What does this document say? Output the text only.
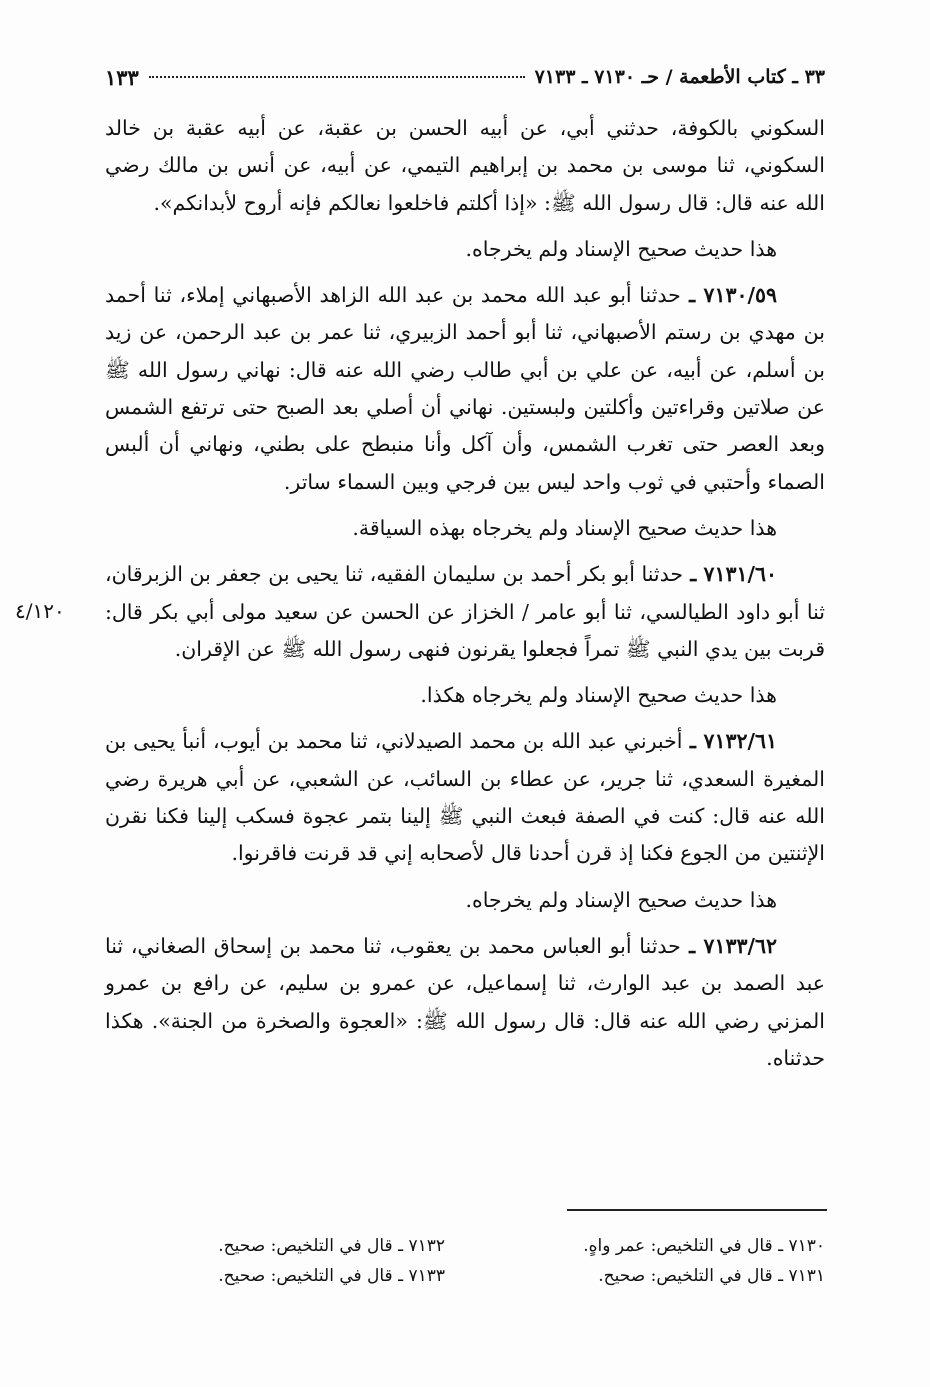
٣٣ ـ كتاب الأطعمة / حـ ٧١٣٠ ـ ٧١٣٣
١٣٣

السكوني بالكوفة، حدثني أبي، عن أبيه الحسن بن عقبة، عن أبيه عقبة بن خالد السكوني، ثنا موسى بن محمد بن إبراهيم التيمي، عن أبيه، عن أنس بن مالك رضي الله عنه قال: قال رسول الله ﷺ: «إذا أكلتم فاخلعوا نعالكم فإنه أروح لأبدانكم».

هذا حديث صحيح الإسناد ولم يخرجاه.

٧١٣٠/٥٩ ـ حدثنا أبو عبد الله محمد بن عبد الله الزاهد الأصبهاني إملاء، ثنا أحمد بن مهدي بن رستم الأصبهاني، ثنا أبو أحمد الزبيري، ثنا عمر بن عبد الرحمن، عن زيد بن أسلم، عن أبيه، عن علي بن أبي طالب رضي الله عنه قال: نهاني رسول الله ﷺ عن صلاتين وقراءتين وأكلتين ولبستين. نهاني أن أصلي بعد الصبح حتى ترتفع الشمس وبعد العصر حتى تغرب الشمس، وأن آكل وأنا منبطح على بطني، ونهاني أن ألبس الصماء وأحتبي في ثوب واحد ليس بين فرجي وبين السماء ساتر.

هذا حديث صحيح الإسناد ولم يخرجاه بهذه السياقة.

٧١٣١/٦٠ ـ حدثنا أبو بكر أحمد بن سليمان الفقيه، ثنا يحيى بن جعفر بن الزبرقان، ثنا أبو داود الطيالسي، ثنا أبو عامر / الخزاز عن الحسن عن سعيد مولى أبي بكر قال: قربت بين يدي النبي ﷺ تمراً فجعلوا يقرنون فنهى رسول الله ﷺ عن الإقران.
٤/١٢٠

هذا حديث صحيح الإسناد ولم يخرجاه هكذا.

٧١٣٢/٦١ ـ أخبرني عبد الله بن محمد الصيدلاني، ثنا محمد بن أيوب، أنبأ يحيى بن المغيرة السعدي، ثنا جرير، عن عطاء بن السائب، عن الشعبي، عن أبي هريرة رضي الله عنه قال: كنت في الصفة فبعث النبي ﷺ إلينا بتمر عجوة فسكب إلينا فكنا نقرن الإثنتين من الجوع فكنا إذ قرن أحدنا قال لأصحابه إني قد قرنت فاقرنوا.

هذا حديث صحيح الإسناد ولم يخرجاه.

٧١٣٣/٦٢ ـ حدثنا أبو العباس محمد بن يعقوب، ثنا محمد بن إسحاق الصغاني، ثنا عبد الصمد بن عبد الوارث، ثنا إسماعيل، عن عمرو بن سليم، عن رافع بن عمرو المزني رضي الله عنه قال: قال رسول الله ﷺ: «العجوة والصخرة من الجنة». هكذا حدثناه.

٧١٣٠ ـ قال في التلخيص: عمر واهٍ.
٧١٣٢ ـ قال في التلخيص: صحيح.
٧١٣١ ـ قال في التلخيص: صحيح.
٧١٣٣ ـ قال في التلخيص: صحيح.
